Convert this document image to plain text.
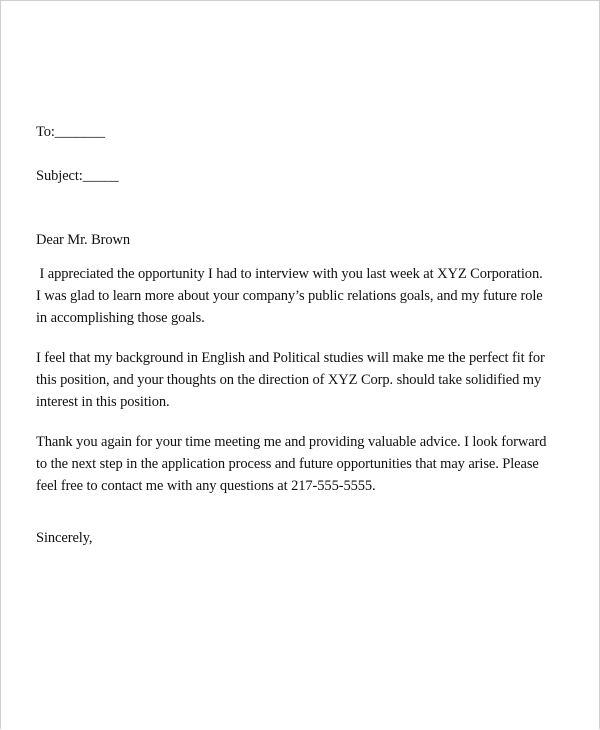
To:_______
Subject:_____
Dear Mr. Brown
I appreciated the opportunity I had to interview with you last week at XYZ Corporation.
I was glad to learn more about your company’s public relations goals, and my future role
in accomplishing those goals.
I feel that my background in English and Political studies will make me the perfect fit for
this position, and your thoughts on the direction of XYZ Corp. should take solidified my
interest in this position.
Thank you again for your time meeting me and providing valuable advice. I look forward
to the next step in the application process and future opportunities that may arise. Please
feel free to contact me with any questions at 217-555-5555.
Sincerely,
